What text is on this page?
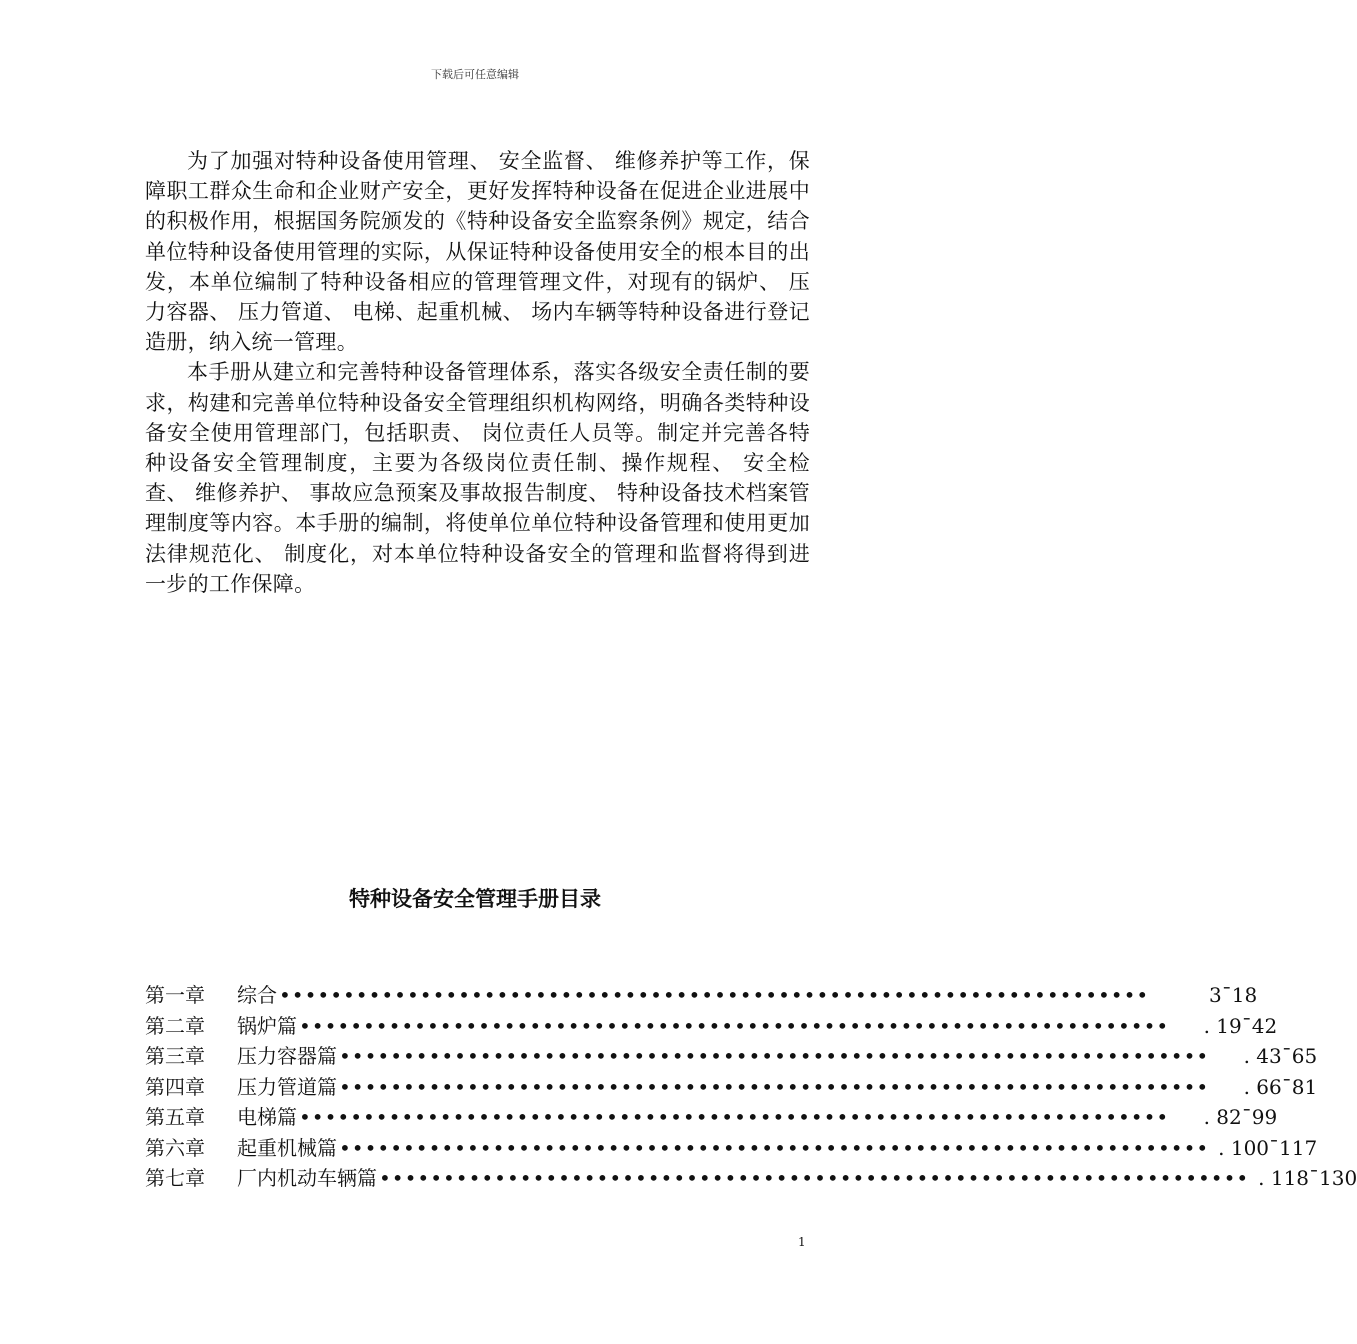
下载后可任意编辑

为了加强对特种设备使用管理、 安全监督、 维修养护等工作，保障职工群众生命和企业财产安全，更好发挥特种设备在促进企业进展中的积极作用，根据国务院颁发的《特种设备安全监察条例》规定，结合单位特种设备使用管理的实际，从保证特种设备使用安全的根本目的出发，本单位编制了特种设备相应的管理管理文件，对现有的锅炉、 压力容器、 压力管道、 电梯、起重机械、 场内车辆等特种设备进行登记造册，纳入统一管理。

本手册从建立和完善特种设备管理体系，落实各级安全责任制的要求，构建和完善单位特种设备安全管理组织机构网络，明确各类特种设备安全使用管理部门，包括职责、 岗位责任人员等。制定并完善各特种设备安全管理制度，主要为各级岗位责任制、操作规程、 安全检查、 维修养护、 事故应急预案及事故报告制度、 特种设备技术档案管理制度等内容。本手册的编制，将使单位单位特种设备管理和使用更加法律规范化、 制度化，对本单位特种设备安全的管理和监督将得到进一步的工作保障。

特种设备安全管理手册目录
第一章	综合 ••••••••••••••••••••••••••••••••••••••••••••••••••••••••••••••••••••	3¯18
第二章	锅炉篇 ••••••••••••••••••••••••••••••••••••••••••••••••••••••••••••••••••••	. 19¯42
第三章	压力容器篇 ••••••••••••••••••••••••••••••••••••••••••••••••••••••••••••••••••••	. 43¯65
第四章	压力管道篇 ••••••••••••••••••••••••••••••••••••••••••••••••••••••••••••••••••••	. 66¯81
第五章	电梯篇 ••••••••••••••••••••••••••••••••••••••••••••••••••••••••••••••••••••	. 82¯99
第六章	起重机械篇 •••••••••••••••••••••••••••••••••••••••••••••••••••••••••••••••••••• . 100¯117
第七章	厂内机动车辆篇 •••••••••••••••••••••••••••••••••••••••••••••••••••••••••••••••••••• . 118¯130
1
